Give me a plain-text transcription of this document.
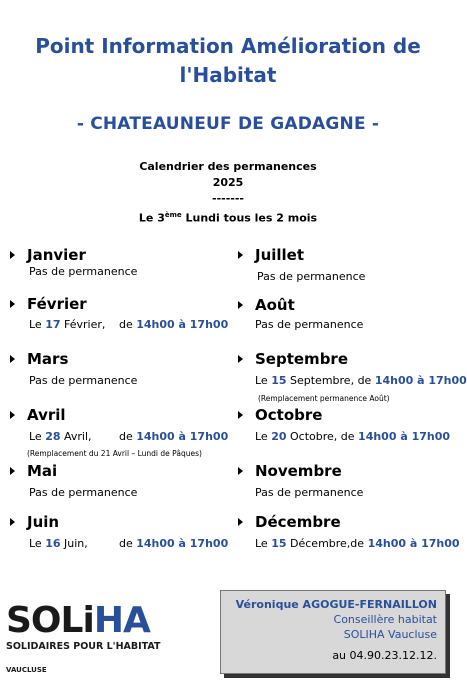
Point Information Amélioration de
l'Habitat
- CHATEAUNEUF DE GADAGNE -
Calendrier des permanences
2025
-------
Le 3ème Lundi tous les 2 mois
Janvier
Pas de permanence
Février
Le 17 Février, de 14h00 à 17h00
Mars
Pas de permanence
Avril
Le 28 Avril, de 14h00 à 17h00
(Remplacement du 21 Avril – Lundi de Pâques)
Mai
Pas de permanence
Juin
Le 16 Juin,	de 14h00 à 17h00
Juillet
Pas de permanence
Août
Pas de permanence
Septembre
Le 15 Septembre, de 14h00 à 17h00
(Remplacement permanence Août)
Octobre
Le 20 Octobre, de 14h00 à 17h00
Novembre
Pas de permanence
Décembre
Le 15 Décembre,de 14h00 à 17h00
SOLiHA
SOLIDAIRES POUR L'HABITAT
VAUCLUSE
Véronique AGOGUE-FERNAILLON
Conseillère habitat
SOLIHA Vaucluse
au 04.90.23.12.12.
